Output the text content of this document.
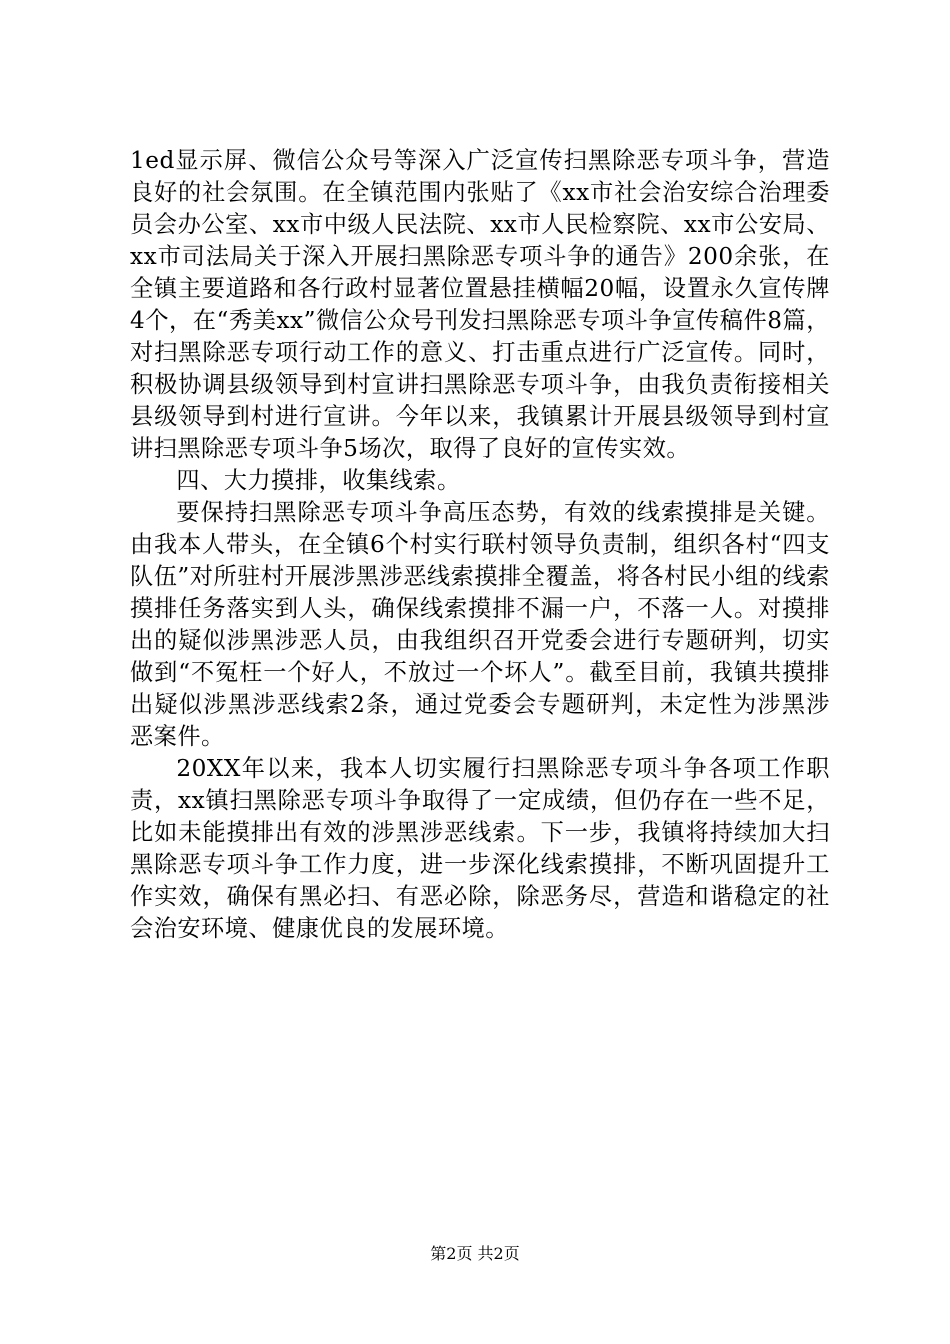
1ed显示屏、微信公众号等深入广泛宣传扫黑除恶专项斗争，营造良好的社会氛围。在全镇范围内张贴了《xx市社会治安综合治理委员会办公室、xx市中级人民法院、xx市人民检察院、xx市公安局、xx市司法局关于深入开展扫黑除恶专项斗争的通告》200余张，在全镇主要道路和各行政村显著位置悬挂横幅20幅，设置永久宣传牌4个，在“秀美xx”微信公众号刊发扫黑除恶专项斗争宣传稿件8篇，对扫黑除恶专项行动工作的意义、打击重点进行广泛宣传。同时，积极协调县级领导到村宣讲扫黑除恶专项斗争，由我负责衔接相关县级领导到村进行宣讲。今年以来，我镇累计开展县级领导到村宣讲扫黑除恶专项斗争5场次，取得了良好的宣传实效。

四、大力摸排，收集线索。

要保持扫黑除恶专项斗争高压态势，有效的线索摸排是关键。由我本人带头，在全镇6个村实行联村领导负责制，组织各村“四支队伍”对所驻村开展涉黑涉恶线索摸排全覆盖，将各村民小组的线索摸排任务落实到人头，确保线索摸排不漏一户，不落一人。对摸排出的疑似涉黑涉恶人员，由我组织召开党委会进行专题研判，切实做到“不冤枉一个好人，不放过一个坏人”。截至目前，我镇共摸排出疑似涉黑涉恶线索2条，通过党委会专题研判，未定性为涉黑涉恶案件。

20XX年以来，我本人切实履行扫黑除恶专项斗争各项工作职责，xx镇扫黑除恶专项斗争取得了一定成绩，但仍存在一些不足，比如未能摸排出有效的涉黑涉恶线索。下一步，我镇将持续加大扫黑除恶专项斗争工作力度，进一步深化线索摸排，不断巩固提升工作实效，确保有黑必扫、有恶必除，除恶务尽，营造和谐稳定的社会治安环境、健康优良的发展环境。

第2页 共2页
